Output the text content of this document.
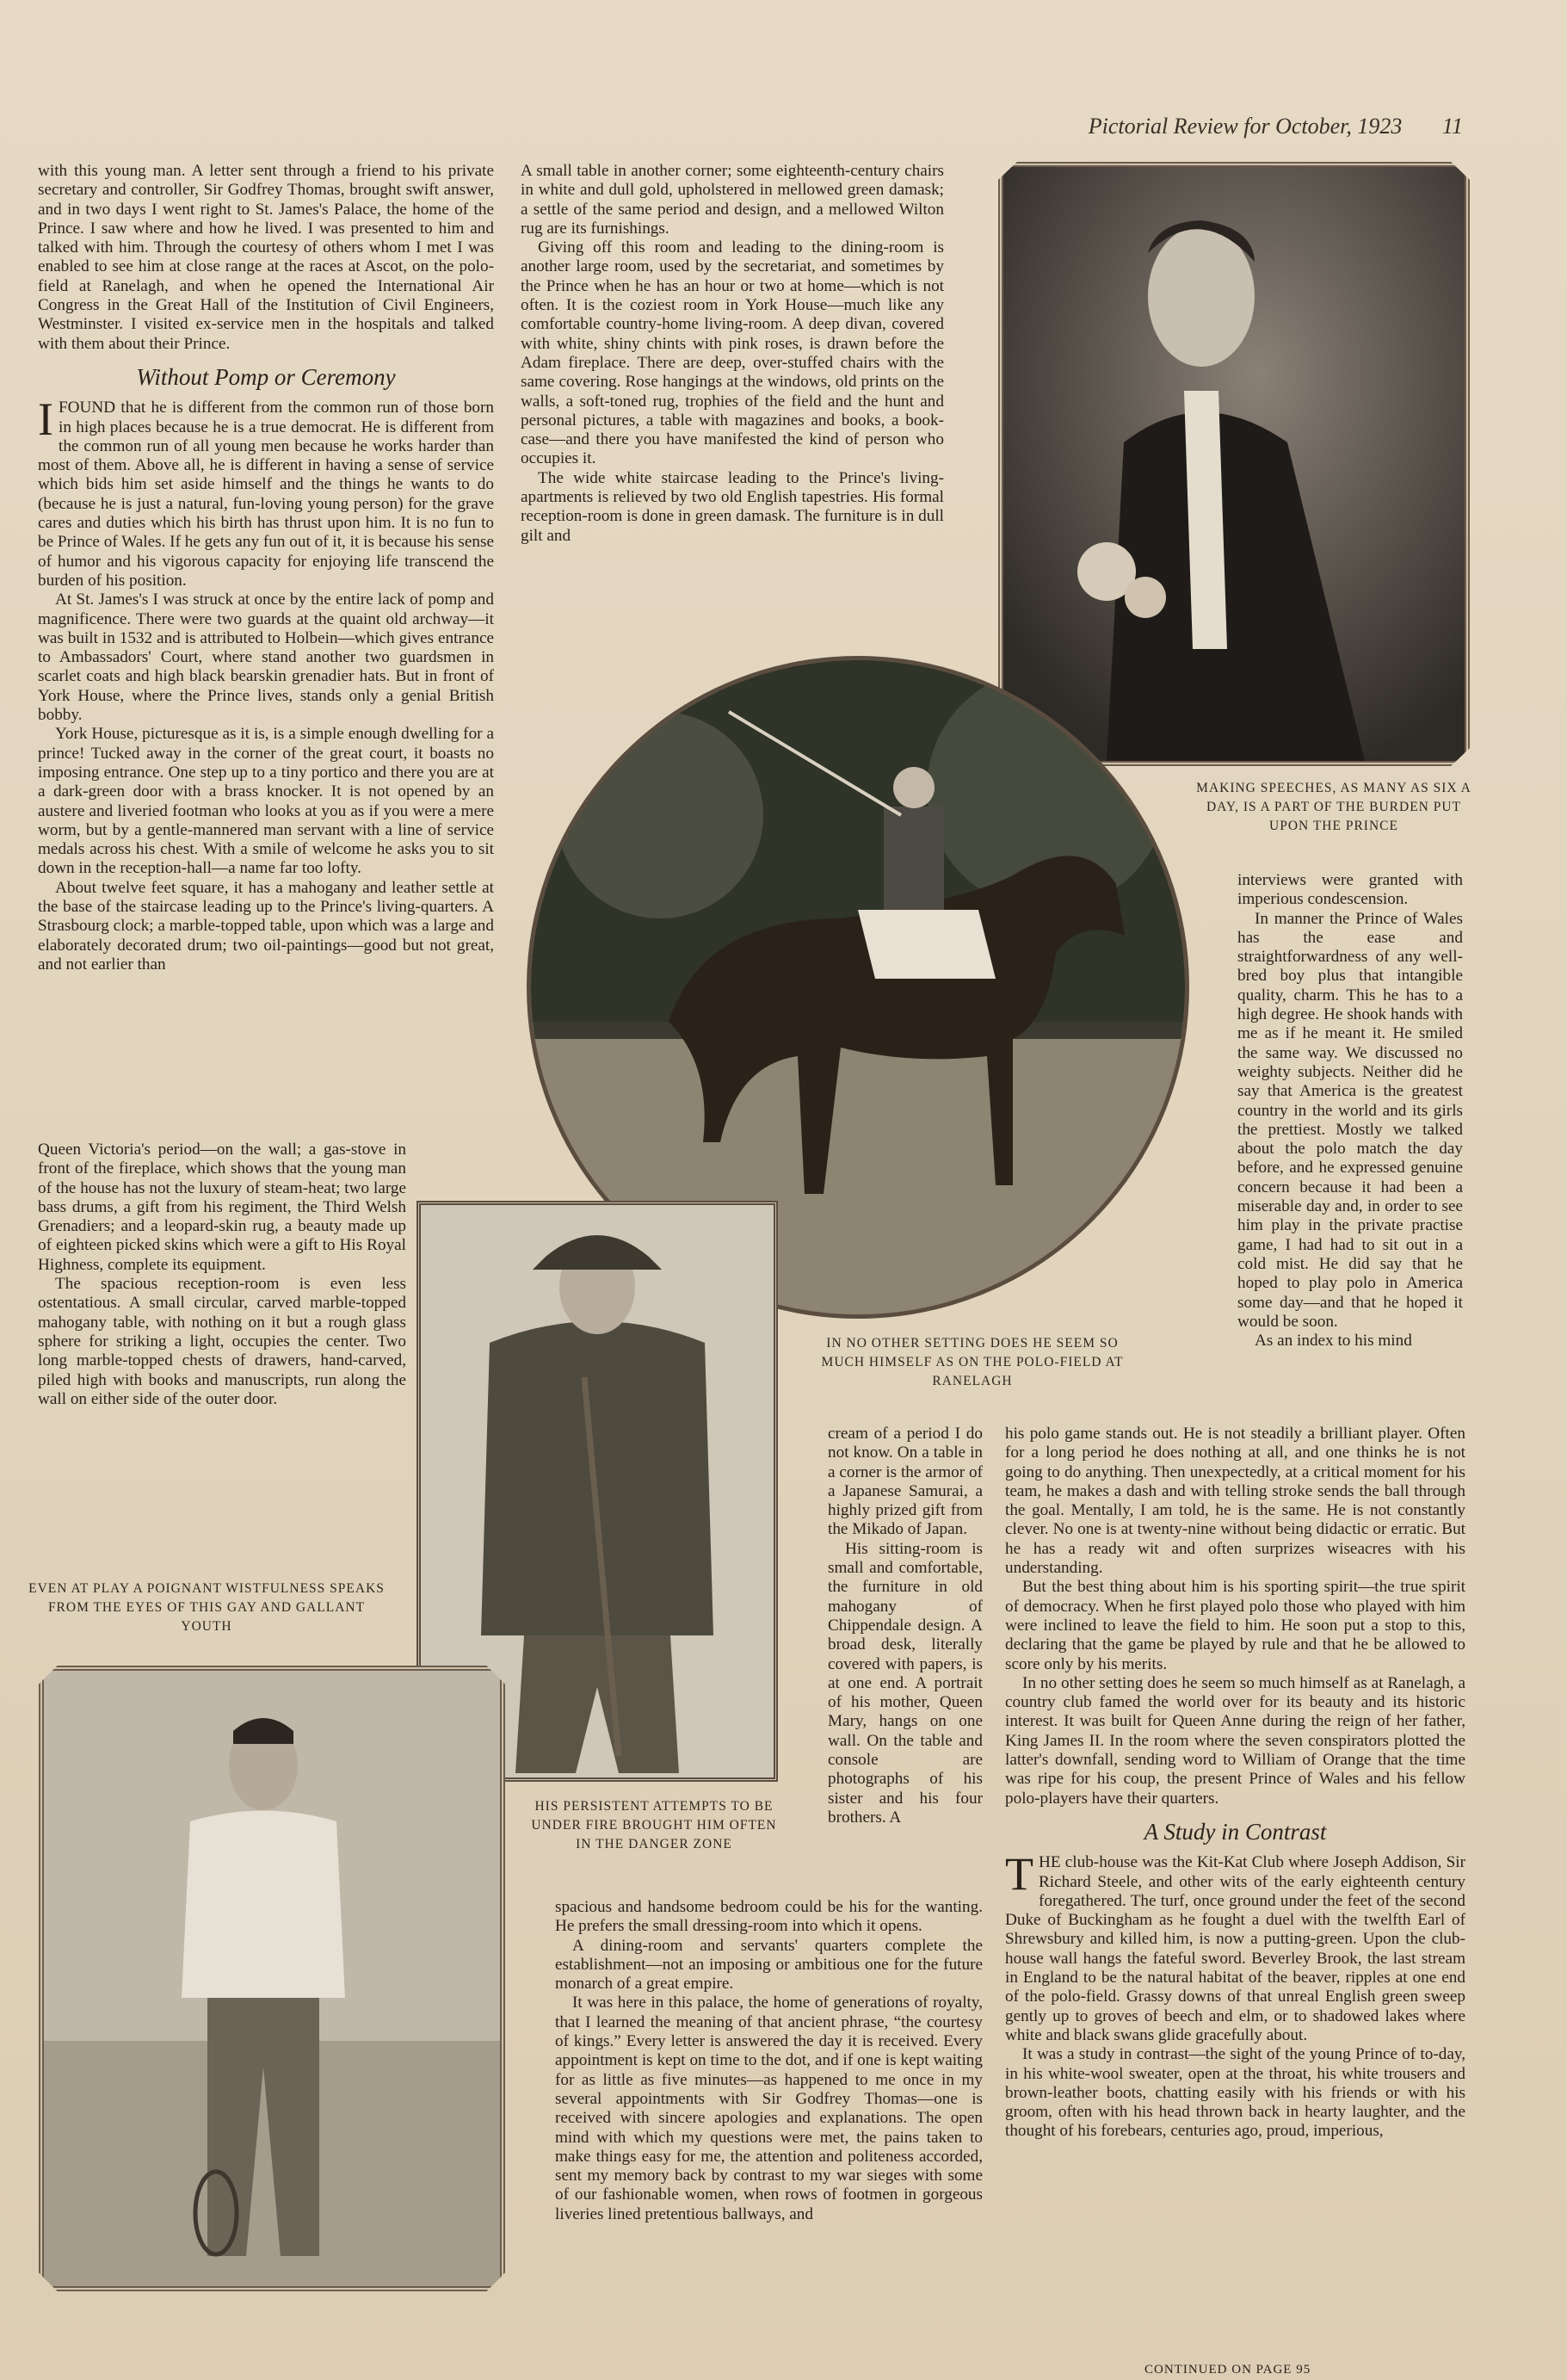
Pictorial Review for October, 1923 11

with this young man. A letter sent through a friend to his private secretary and controller, Sir Godfrey Thomas, brought swift answer, and in two days I went right to St. James's Palace, the home of the Prince. I saw where and how he lived. I was presented to him and talked with him. Through the courtesy of others whom I met I was enabled to see him at close range at the races at Ascot, on the polo-field at Ranelagh, and when he opened the International Air Congress in the Great Hall of the Institution of Civil Engineers, Westminster. I visited ex-service men in the hospitals and talked with them about their Prince.

Without Pomp or Ceremony

IFOUND that he is different from the common run of those born in high places because he is a true democrat. He is different from the common run of all young men because he works harder than most of them. Above all, he is different in having a sense of service which bids him set aside himself and the things he wants to do (because he is just a natural, fun-loving young person) for the grave cares and duties which his birth has thrust upon him. It is no fun to be Prince of Wales. If he gets any fun out of it, it is because his sense of humor and his vigorous capacity for enjoying life transcend the burden of his position.

At St. James's I was struck at once by the entire lack of pomp and magnificence. There were two guards at the quaint old archway—it was built in 1532 and is attributed to Holbein—which gives entrance to Ambassadors' Court, where stand another two guardsmen in scarlet coats and high black bearskin grenadier hats. But in front of York House, where the Prince lives, stands only a genial British bobby.

York House, picturesque as it is, is a simple enough dwelling for a prince! Tucked away in the corner of the great court, it boasts no imposing entrance. One step up to a tiny portico and there you are at a dark-green door with a brass knocker. It is not opened by an austere and liveried footman who looks at you as if you were a mere worm, but by a gentle-mannered man servant with a line of service medals across his chest. With a smile of welcome he asks you to sit down in the reception-hall—a name far too lofty.

About twelve feet square, it has a mahogany and leather settle at the base of the staircase leading up to the Prince's living-quarters. A Strasbourg clock; a marble-topped table, upon which was a large and elaborately decorated drum; two oil-paintings—good but not great, and not earlier than

Queen Victoria's period—on the wall; a gas-stove in front of the fireplace, which shows that the young man of the house has not the luxury of steam-heat; two large bass drums, a gift from his regiment, the Third Welsh Grenadiers; and a leopard-skin rug, a beauty made up of eighteen picked skins which were a gift to His Royal Highness, complete its equipment.

The spacious reception-room is even less ostentatious. A small circular, carved marble-topped mahogany table, with nothing on it but a rough glass sphere for striking a light, occupies the center. Two long marble-topped chests of drawers, hand-carved, piled high with books and manuscripts, run along the wall on either side of the outer door.

A small table in another corner; some eighteenth-century chairs in white and dull gold, upholstered in mellowed green damask; a settle of the same period and design, and a mellowed Wilton rug are its furnishings.

Giving off this room and leading to the dining-room is another large room, used by the secretariat, and sometimes by the Prince when he has an hour or two at home—which is not often. It is the coziest room in York House—much like any comfortable country-home living-room. A deep divan, covered with white, shiny chints with pink roses, is drawn before the Adam fireplace. There are deep, over-stuffed chairs with the same covering. Rose hangings at the windows, old prints on the walls, a soft-toned rug, trophies of the field and the hunt and personal pictures, a table with magazines and books, a book-case—and there you have manifested the kind of person who occupies it.

The wide white staircase leading to the Prince's living-apartments is relieved by two old English tapestries. His formal reception-room is done in green damask. The furniture is in dull gilt and

MAKING SPEECHES, AS MANY AS SIX A DAY, IS A PART OF THE BURDEN PUT UPON THE PRINCE
IN NO OTHER SETTING DOES HE SEEM SO MUCH HIMSELF AS ON THE POLO-FIELD AT RANELAGH

interviews were granted with imperious condescension.

In manner the Prince of Wales has the ease and straightforwardness of any well-bred boy plus that intangible quality, charm. This he has to a high degree. He shook hands with me as if he meant it. He smiled the same way. We discussed no weighty subjects. Neither did he say that America is the greatest country in the world and its girls the prettiest. Mostly we talked about the polo match the day before, and he expressed genuine concern because it had been a miserable day and, in order to see him play in the private practise game, I had had to sit out in a cold mist. He did say that he hoped to play polo in America some day—and that he hoped it would be soon.

As an index to his mind

HIS PERSISTENT ATTEMPTS TO BE UNDER FIRE BROUGHT HIM OFTEN IN THE DANGER ZONE

cream of a period I do not know. On a table in a corner is the armor of a Japanese Samurai, a highly prized gift from the Mikado of Japan.

His sitting-room is small and comfortable, the furniture in old mahogany of Chippendale design. A broad desk, literally covered with papers, is at one end. A portrait of his mother, Queen Mary, hangs on one wall. On the table and console are photographs of his sister and his four brothers. A

spacious and handsome bedroom could be his for the wanting. He prefers the small dressing-room into which it opens.

A dining-room and servants' quarters complete the establishment—not an imposing or ambitious one for the future monarch of a great empire.

It was here in this palace, the home of generations of royalty, that I learned the meaning of that ancient phrase, “the courtesy of kings.” Every letter is answered the day it is received. Every appointment is kept on time to the dot, and if one is kept waiting for as little as five minutes—as happened to me once in my several appointments with Sir Godfrey Thomas—one is received with sincere apologies and explanations. The open mind with which my questions were met, the pains taken to make things easy for me, the attention and politeness accorded, sent my memory back by contrast to my war sieges with some of our fashionable women, when rows of footmen in gorgeous liveries lined pretentious ballways, and

his polo game stands out. He is not steadily a brilliant player. Often for a long period he does nothing at all, and one thinks he is not going to do anything. Then unexpectedly, at a critical moment for his team, he makes a dash and with telling stroke sends the ball through the goal. Mentally, I am told, he is the same. He is not constantly clever. No one is at twenty-nine without being didactic or erratic. But he has a ready wit and often surprizes wiseacres with his understanding.

But the best thing about him is his sporting spirit—the true spirit of democracy. When he first played polo those who played with him were inclined to leave the field to him. He soon put a stop to this, declaring that the game be played by rule and that he be allowed to score only by his merits.

In no other setting does he seem so much himself as at Ranelagh, a country club famed the world over for its beauty and its historic interest. It was built for Queen Anne during the reign of her father, King James II. In the room where the seven conspirators plotted the latter's downfall, sending word to William of Orange that the time was ripe for his coup, the present Prince of Wales and his fellow polo-players have their quarters.

A Study in Contrast

THE club-house was the Kit-Kat Club where Joseph Addison, Sir Richard Steele, and other wits of the early eighteenth century foregathered. The turf, once ground under the feet of the second Duke of Buckingham as he fought a duel with the twelfth Earl of Shrewsbury and killed him, is now a putting-green. Upon the club-house wall hangs the fateful sword. Beverley Brook, the last stream in England to be the natural habitat of the beaver, ripples at one end of the polo-field. Grassy downs of that unreal English green sweep gently up to groves of beech and elm, or to shadowed lakes where white and black swans glide gracefully about.

It was a study in contrast—the sight of the young Prince of to-day, in his white-wool sweater, open at the throat, his white trousers and brown-leather boots, chatting easily with his friends or with his groom, often with his head thrown back in hearty laughter, and the thought of his forebears, centuries ago, proud, imperious,

EVEN AT PLAY A POIGNANT WISTFULNESS SPEAKS FROM THE EYES OF THIS GAY AND GALLANT YOUTH
CONTINUED ON PAGE 95
